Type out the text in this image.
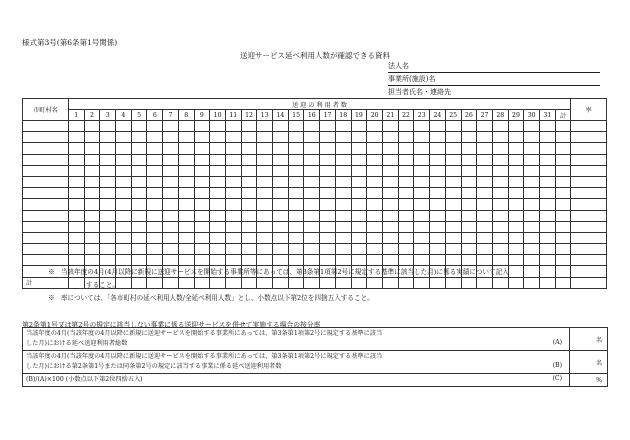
様式第3号(第6条第1号関係)
送迎サービス延べ利用人数が確認できる資料
法人名
事業所(施設)名
担当者氏名・連絡先
市町村名	送 迎 の 利 用 者 数																																率
	1	2	3	4	5	6	7	8	9	10	11	12	13	14	15	16	17	18	19	20	21	22	23	24	25	26	27	28	29	30	31	計	

計																																	
※ 当該年度の4月(4月以降に新規に送迎サービスを開始する事業所等にあっては、第3条第1項第2号に規定する基準に該当した月)に係る実績について記入
すること。
※ 率については、「各市町村の延べ利用人数/全延べ利用人数」とし、小数点以下第2位を四捨五入すること。
第2条第1号又は第2号の規定に該当しない事業に係る送迎サービスを併せて実施する場合の按分率
当該年度の4月(当該年度の4月以降に新規に送迎サービスを開始する事業所にあっては、第3条第1項第2号に規定する基準に該当
した月)における延べ送迎利用者総数 (A)	名

当該年度の4月(当該年度の4月以降に新規に送迎サービスを開始する事業所にあっては、第3条第1項第2号に規定する基準に該当
した月)における第2条第1号または同条第2号の規定に該当する事業に係る延べ送迎利用者数 (B)	名

(B)/(A)×100 (小数点以下第2位四捨五入) (C)	%
